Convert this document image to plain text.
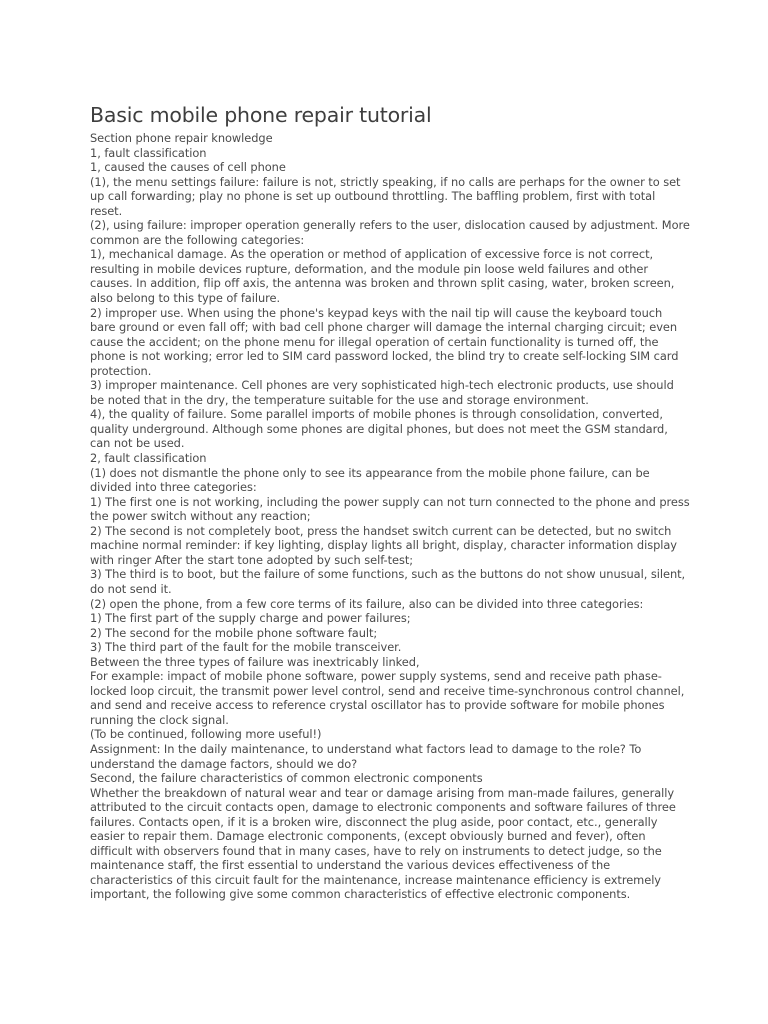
Basic mobile phone repair tutorial

Section phone repair knowledge

1, fault classification

1, caused the causes of cell phone

(1), the menu settings failure: failure is not, strictly speaking, if no calls are perhaps for the owner to set up call forwarding; play no phone is set up outbound throttling. The baffling problem, first with total reset.

(2), using failure: improper operation generally refers to the user, dislocation caused by adjustment. More common are the following categories:

1), mechanical damage. As the operation or method of application of excessive force is not correct, resulting in mobile devices rupture, deformation, and the module pin loose weld failures and other causes. In addition, flip off axis, the antenna was broken and thrown split casing, water, broken screen, also belong to this type of failure.

2) improper use. When using the phone's keypad keys with the nail tip will cause the keyboard touch bare ground or even fall off; with bad cell phone charger will damage the internal charging circuit; even cause the accident; on the phone menu for illegal operation of certain functionality is turned off, the phone is not working; error led to SIM card password locked, the blind try to create self-locking SIM card protection.

3) improper maintenance. Cell phones are very sophisticated high-tech electronic products, use should be noted that in the dry, the temperature suitable for the use and storage environment.

4), the quality of failure. Some parallel imports of mobile phones is through consolidation, converted, quality underground. Although some phones are digital phones, but does not meet the GSM standard, can not be used.

2, fault classification

(1) does not dismantle the phone only to see its appearance from the mobile phone failure, can be divided into three categories:

1) The first one is not working, including the power supply can not turn connected to the phone and press the power switch without any reaction;

2) The second is not completely boot, press the handset switch current can be detected, but no switch machine normal reminder: if key lighting, display lights all bright, display, character information display with ringer After the start tone adopted by such self-test;

3) The third is to boot, but the failure of some functions, such as the buttons do not show unusual, silent, do not send it.

(2) open the phone, from a few core terms of its failure, also can be divided into three categories:

1) The first part of the supply charge and power failures;

2) The second for the mobile phone software fault;

3) The third part of the fault for the mobile transceiver.

Between the three types of failure was inextricably linked,

For example: impact of mobile phone software, power supply systems, send and receive path phase-locked loop circuit, the transmit power level control, send and receive time-synchronous control channel, and send and receive access to reference crystal oscillator has to provide software for mobile phones running the clock signal.

(To be continued, following more useful!)

Assignment: In the daily maintenance, to understand what factors lead to damage to the role? To understand the damage factors, should we do?

Second, the failure characteristics of common electronic components

Whether the breakdown of natural wear and tear or damage arising from man-made failures, generally attributed to the circuit contacts open, damage to electronic components and software failures of three failures. Contacts open, if it is a broken wire, disconnect the plug aside, poor contact, etc., generally easier to repair them. Damage electronic components, (except obviously burned and fever), often difficult with observers found that in many cases, have to rely on instruments to detect judge, so the maintenance staff, the first essential to understand the various devices effectiveness of the characteristics of this circuit fault for the maintenance, increase maintenance efficiency is extremely important, the following give some common characteristics of effective electronic components.
